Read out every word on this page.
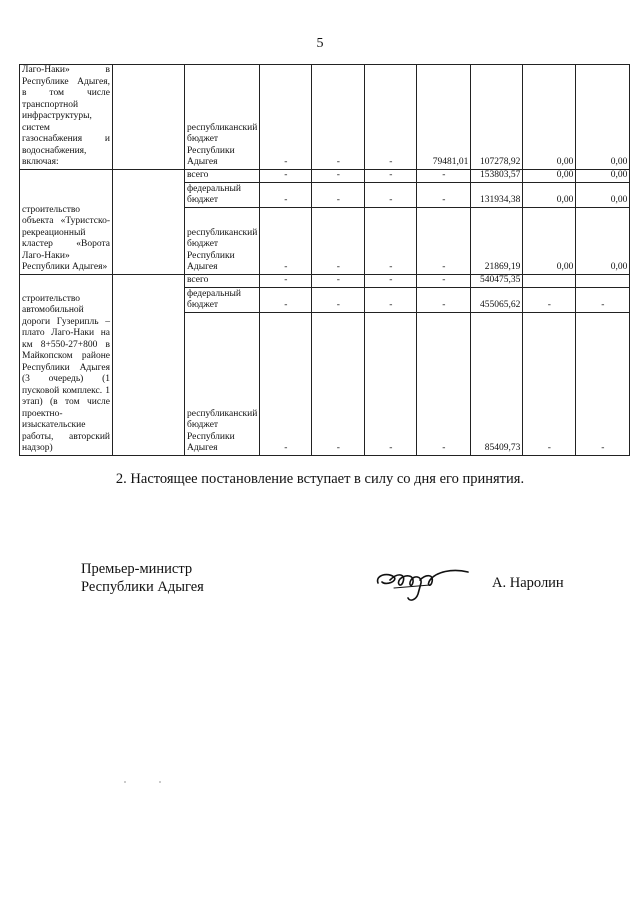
5
Лаго-Наки» в Республике Адыгея, в том числе транспортной инфраструктуры, систем газоснабжения и водоснабжения, включая:		республиканский бюджет Республики Адыгея	-	-	-	79481,01	107278,92	0,00	0,00
строительство объекта «Туристско-рекреационный кластер «Ворота Лаго-Наки» Республики Адыгея»		всего	-	-	-	-	153803,57	0,00	0,00
		федеральный бюджет	-	-	-	-	131934,38	0,00	0,00
		республиканский бюджет Республики Адыгея	-	-	-	-	21869,19	0,00	0,00
строительство автомобильной дороги Гузерипль – плато Лаго-Наки на км 8+550-27+800 в Майкопском районе Республики Адыгея (3 очередь) (1 пусковой комплекс. 1 этап) (в том числе проектно-изыскательские работы, авторский надзор)		всего	-	-	-	-	540475,35		
		федеральный бюджет	-	-	-	-	455065,62	-	-
		республиканский бюджет Республики Адыгея	-	-	-	-	85409,73	-	-
2. Настоящее постановление вступает в силу со дня его принятия.
Премьер-министр
Республики Адыгея	А. Наролин
